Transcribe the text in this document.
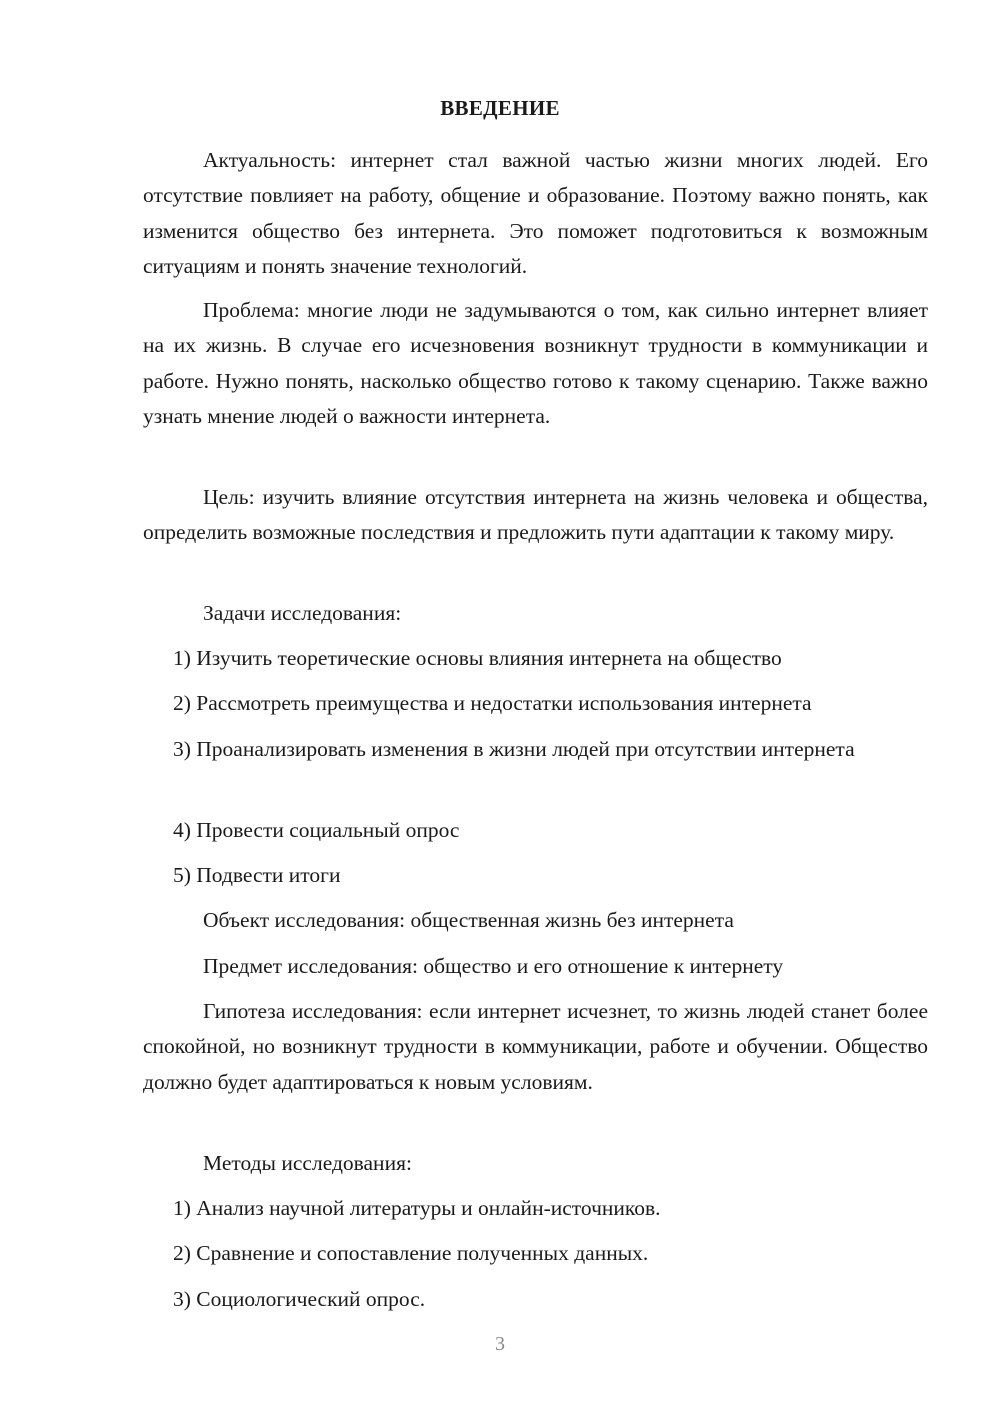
ВВЕДЕНИЕ

Актуальность: интернет стал важной частью жизни многих людей. Его отсутствие повлияет на работу, общение и образование. Поэтому важно понять, как изменится общество без интернета. Это поможет подготовиться к возможным ситуациям и понять значение технологий.

Проблема: многие люди не задумываются о том, как сильно интернет влияет на их жизнь. В случае его исчезновения возникнут трудности в коммуникации и работе. Нужно понять, насколько общество готово к такому сценарию. Также важно узнать мнение людей о важности интернета.

Цель: изучить влияние отсутствия интернета на жизнь человека и общества, определить возможные последствия и предложить пути адаптации к такому миру.

Задачи исследования:

1) Изучить теоретические основы влияния интернета на общество

2) Рассмотреть преимущества и недостатки использования интернета

3) Проанализировать изменения в жизни людей при отсутствии интернета

4) Провести социальный опрос

5) Подвести итоги

Объект исследования: общественная жизнь без интернета

Предмет исследования: общество и его отношение к интернету

Гипотеза исследования: если интернет исчезнет, то жизнь людей станет более спокойной, но возникнут трудности в коммуникации, работе и обучении. Общество должно будет адаптироваться к новым условиям.

Методы исследования:

1) Анализ научной литературы и онлайн-источников.

2) Сравнение и сопоставление полученных данных.

3) Социологический опрос.

3
